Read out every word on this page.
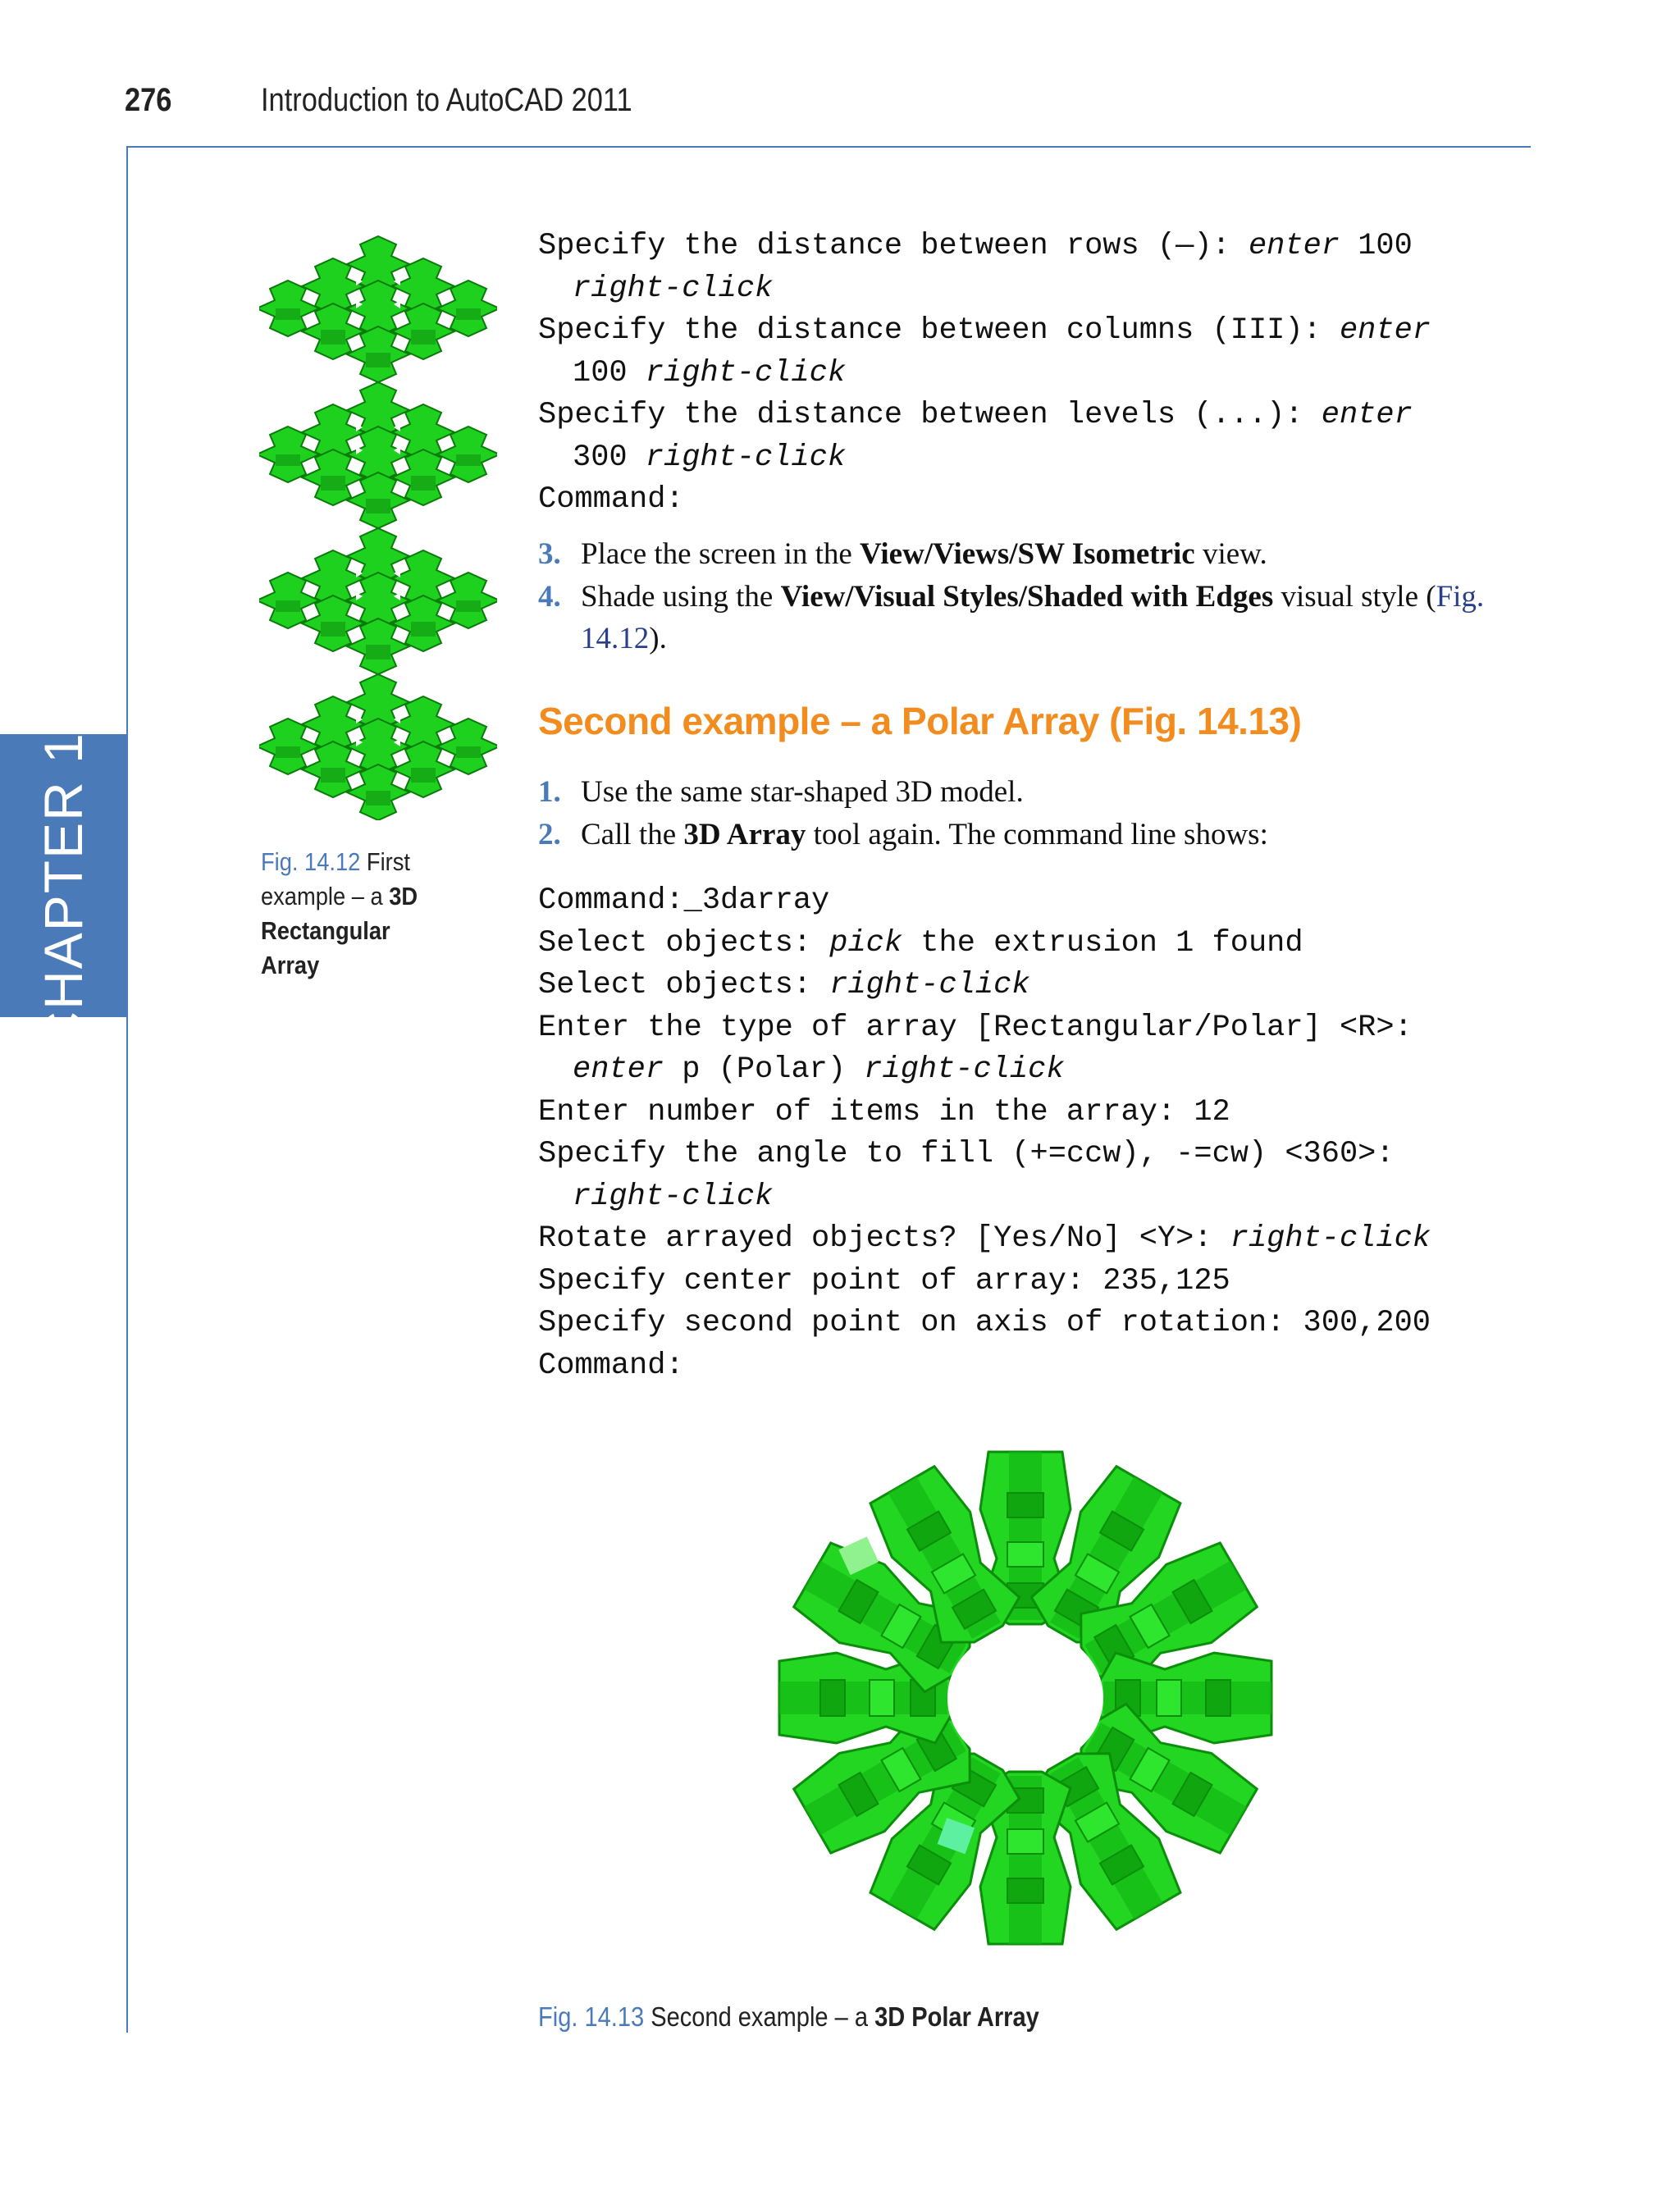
276	Introduction to AutoCAD 2011
CHAPTER 14	Fig. 14.12 First example – a 3D Rectangular Array
Specify the distance between rows (—): enter 100
right-click
Specify the distance between columns (III): enter
100 right-click
Specify the distance between levels (...): enter
300 right-click
Command:
3. Place the screen in the View/Views/SW Isometric view.
4. Shade using the View/Visual Styles/Shaded with Edges visual style (Fig. 14.12).
Second example – a Polar Array (Fig. 14.13)
1. Use the same star-shaped 3D model.
2. Call the 3D Array tool again. The command line shows:
Command:_3darray
Select objects: pick the extrusion 1 found
Select objects: right-click
Enter the type of array [Rectangular/Polar] <R>:
enter p (Polar) right-click
Enter number of items in the array: 12
Specify the angle to fill (+=ccw), -=cw) <360>:
right-click
Rotate arrayed objects? [Yes/No] <Y>: right-click
Specify center point of array: 235,125
Specify second point on axis of rotation: 300,200
Command:
Fig. 14.13 Second example – a 3D Polar Array
